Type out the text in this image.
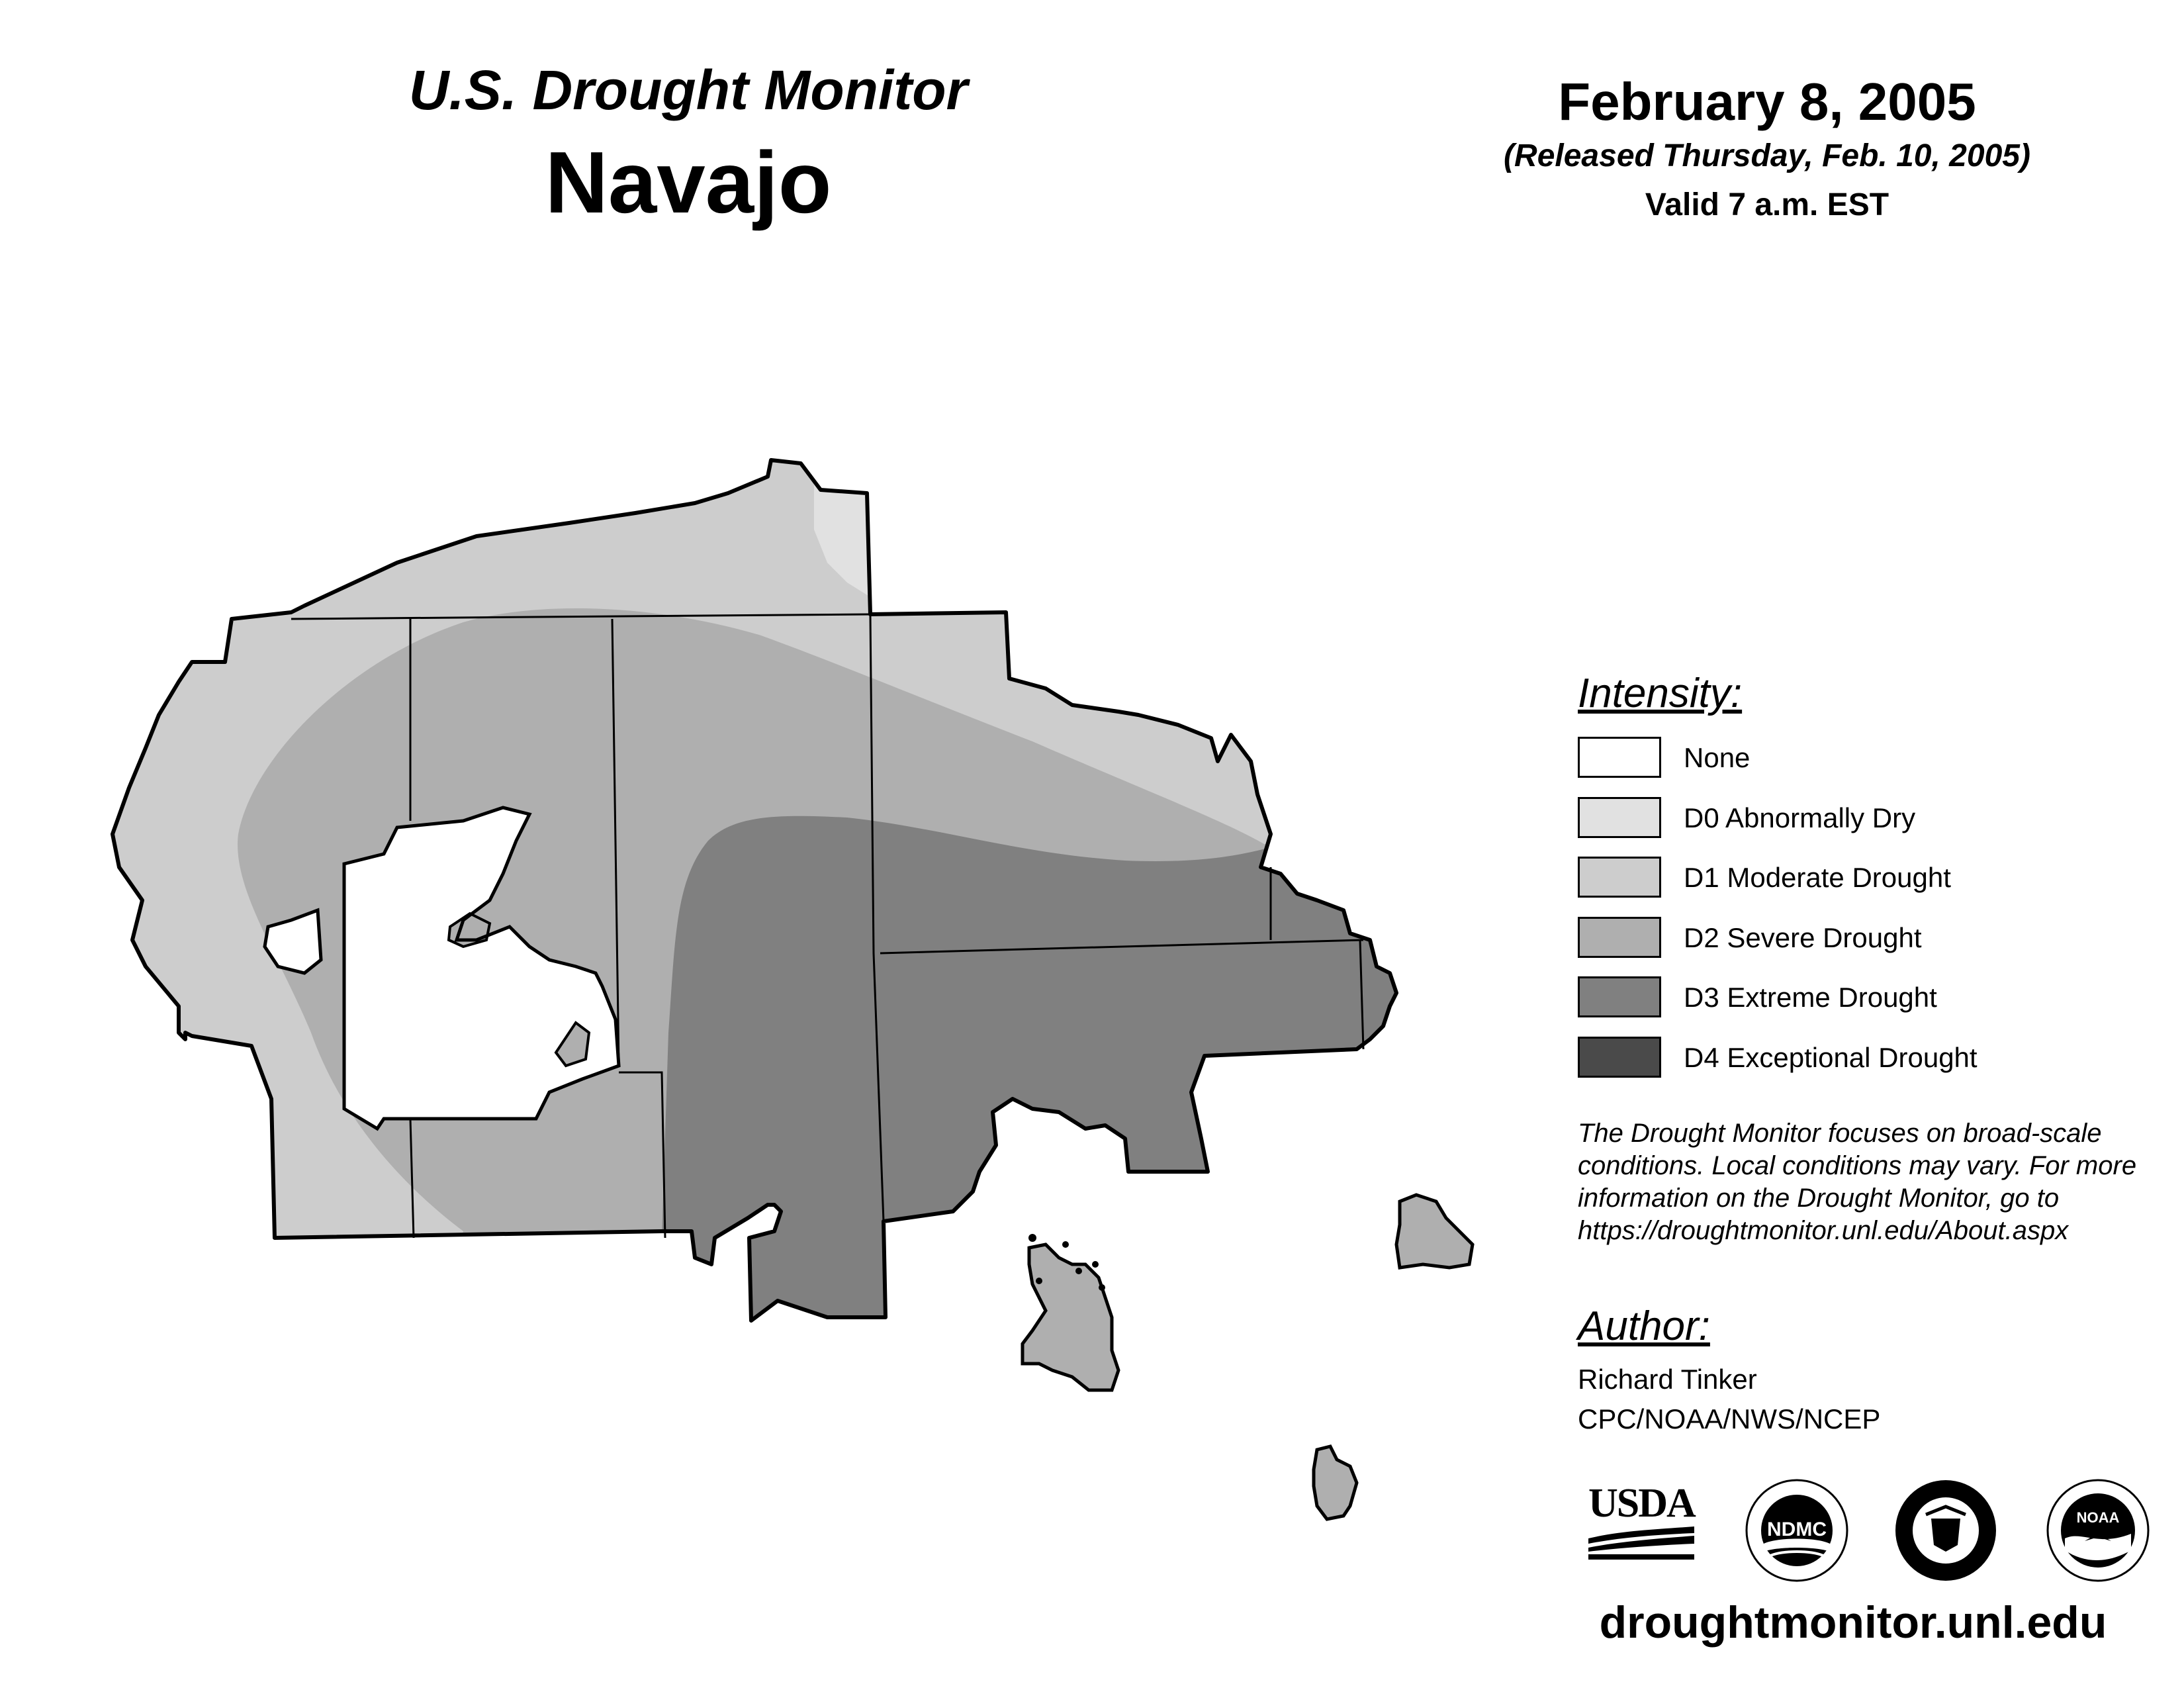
U.S. Drought Monitor
Navajo
February 8, 2005
(Released Thursday, Feb. 10, 2005)
Valid 7 a.m. EST
Intensity:
None
D0 Abnormally Dry
D1 Moderate Drought
D2 Severe Drought
D3 Extreme Drought
D4 Exceptional Drought
The Drought Monitor focuses on broad-scale conditions. Local conditions may vary. For more information on the Drought Monitor, go to https://droughtmonitor.unl.edu/About.aspx
Author:
Richard Tinker
CPC/NOAA/NWS/NCEP
USDA
NDMC
NOAA
droughtmonitor.unl.edu
